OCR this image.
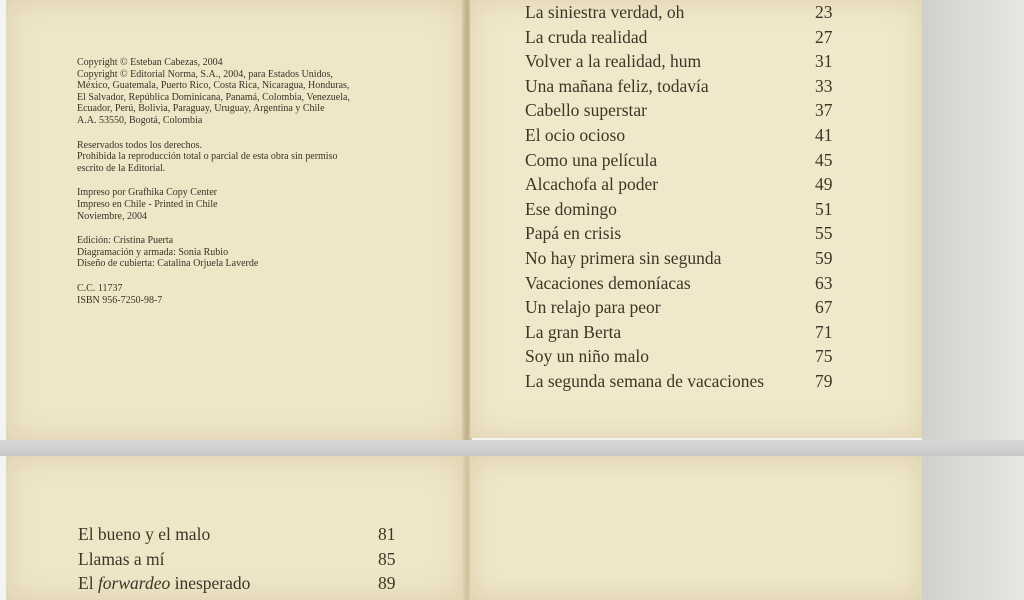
Copyright © Esteban Cabezas, 2004
Copyright © Editorial Norma, S.A., 2004, para Estados Unidos,
México, Guatemala, Puerto Rico, Costa Rica, Nicaragua, Honduras,
El Salvador, República Dominicana, Panamá, Colombia, Venezuela,
Ecuador, Perú, Bolivia, Paraguay, Uruguay, Argentina y Chile
A.A. 53550, Bogotá, Colombia
Reservados todos los derechos.
Prohibida la reproducción total o parcial de esta obra sin permiso
escrito de la Editorial.
Impreso por Grafhika Copy Center
Impreso en Chile - Printed in Chile
Noviembre, 2004
Edición: Cristina Puerta
Diagramación y armada: Sonia Rubio
Diseño de cubierta: Catalina Orjuela Laverde
C.C. 11737
ISBN 956-7250-98-7
La siniestra verdad, oh	23
La cruda realidad	27
Volver a la realidad, hum	31
Una mañana feliz, todavía	33
Cabello superstar	37
El ocio ocioso	41
Como una película	45
Alcachofa al poder	49
Ese domingo	51
Papá en crisis	55
No hay primera sin segunda	59
Vacaciones demoníacas	63
Un relajo para peor	67
La gran Berta	71
Soy un niño malo	75
La segunda semana de vacaciones	79
El bueno y el malo	81
Llamas a mí	85
El forwardeo inesperado	89
